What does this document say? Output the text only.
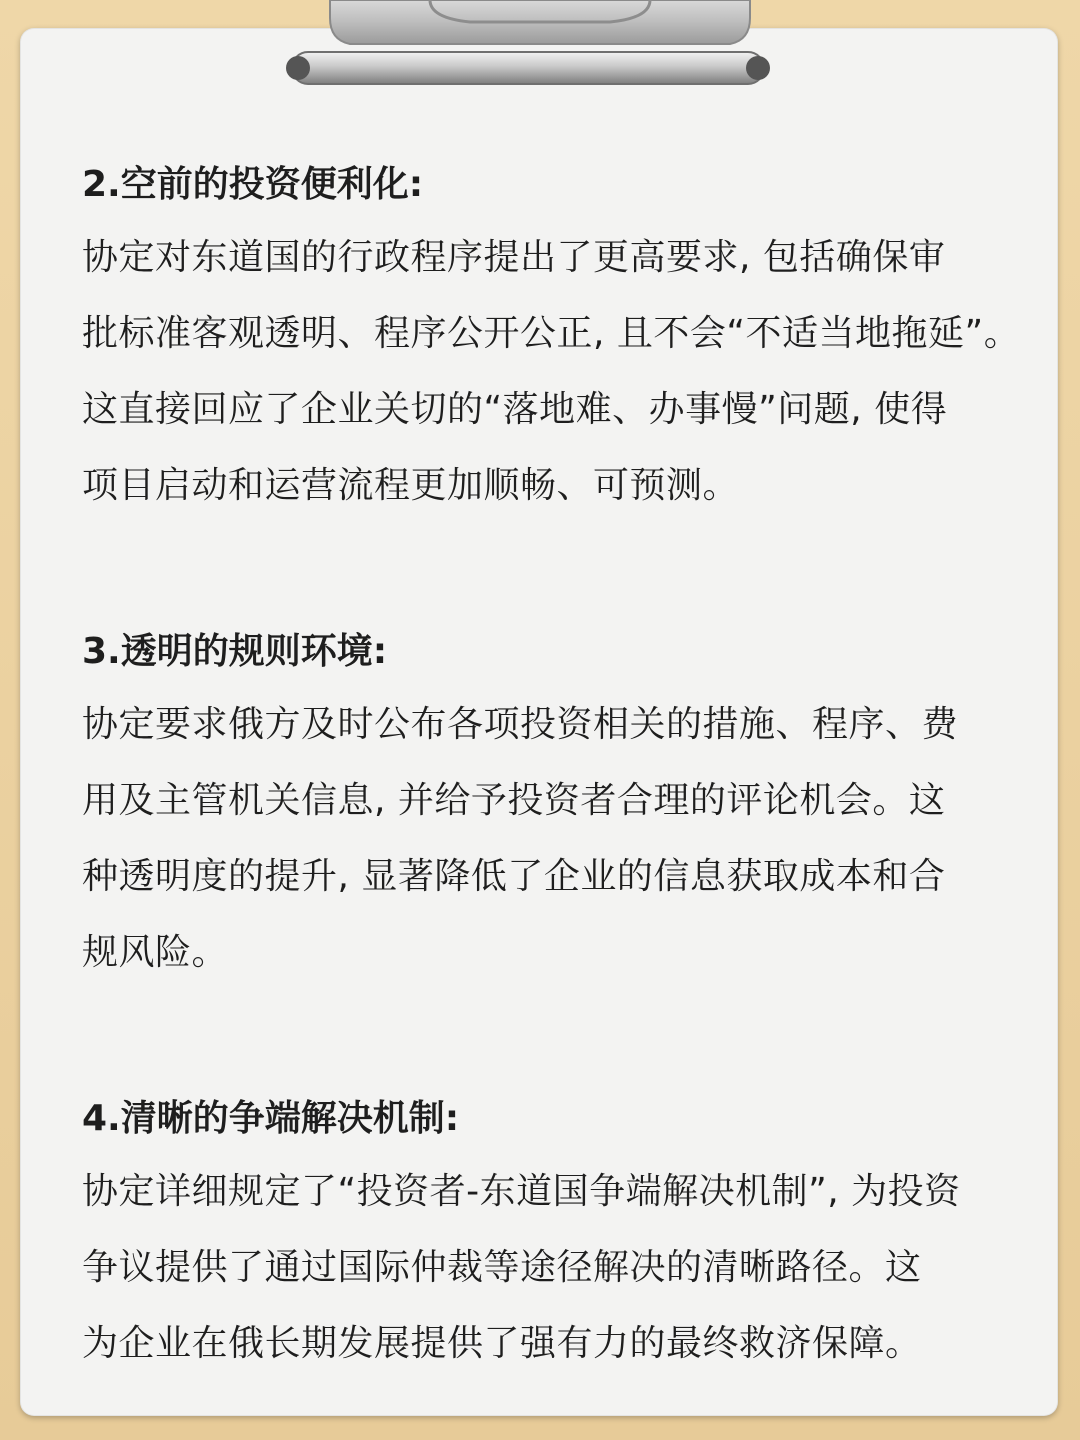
2.空前的投资便利化:
协定对东道国的行政程序提出了更高要求, 包括确保审
批标准客观透明、程序公开公正, 且不会“不适当地拖延”。
这直接回应了企业关切的“落地难、办事慢”问题, 使得
项目启动和运营流程更加顺畅、可预测。
3.透明的规则环境:
协定要求俄方及时公布各项投资相关的措施、程序、费
用及主管机关信息, 并给予投资者合理的评论机会。这
种透明度的提升, 显著降低了企业的信息获取成本和合
规风险。
4.清晰的争端解决机制:
协定详细规定了“投资者-东道国争端解决机制”, 为投资
争议提供了通过国际仲裁等途径解决的清晰路径。这
为企业在俄长期发展提供了强有力的最终救济保障。
